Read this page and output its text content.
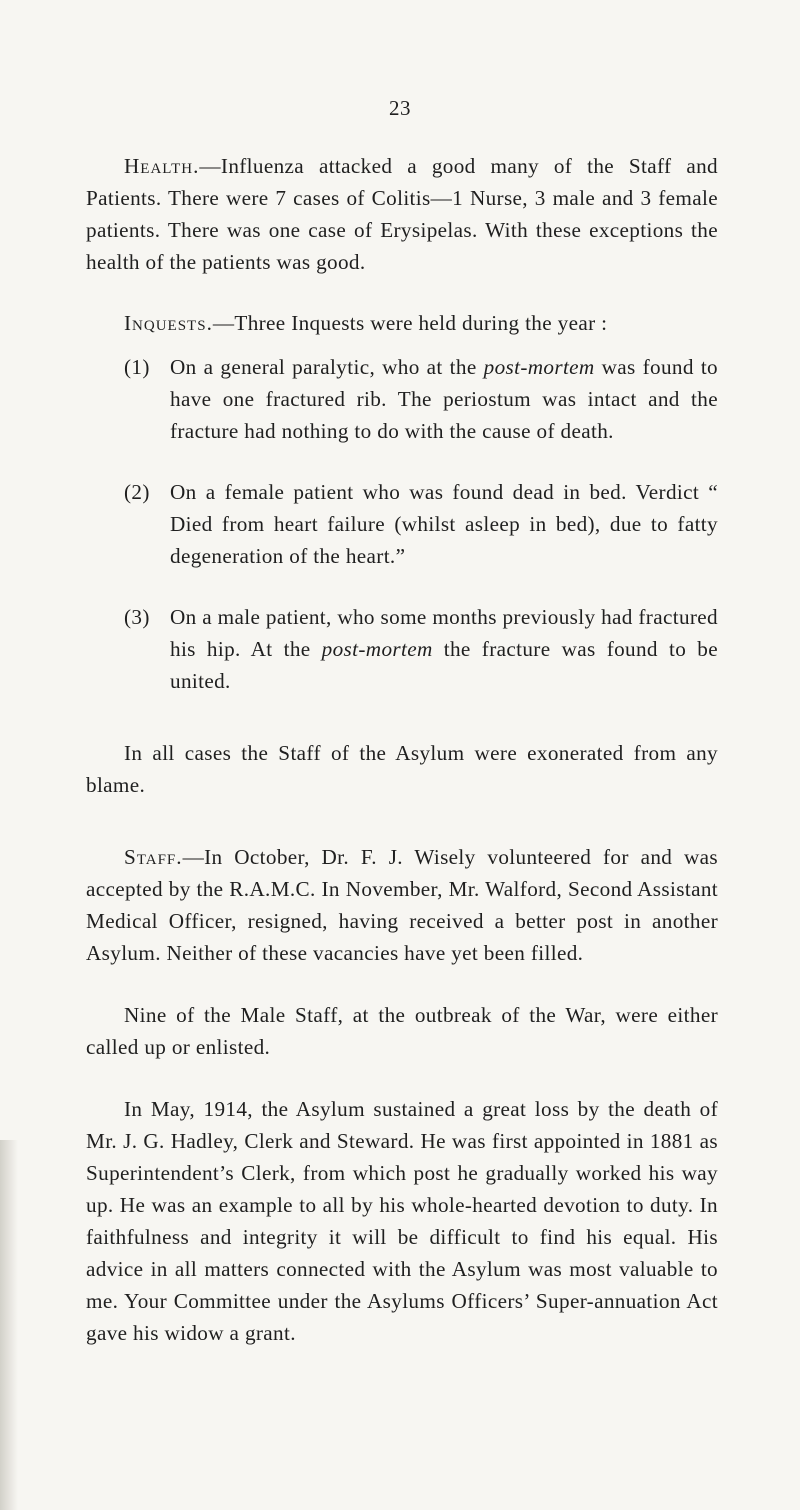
23

Health.—Influenza attacked a good many of the Staff and Patients. There were 7 cases of Colitis—1 Nurse, 3 male and 3 female patients. There was one case of Erysipelas. With these exceptions the health of the patients was good.

Inquests.—Three Inquests were held during the year :

(1) On a general paralytic, who at the post-mortem was found to have one fractured rib. The periostum was intact and the fracture had nothing to do with the cause of death.
(2) On a female patient who was found dead in bed. Verdict “ Died from heart failure (whilst asleep in bed), due to fatty degeneration of the heart.”
(3) On a male patient, who some months previously had fractured his hip. At the post-mortem the fracture was found to be united.

In all cases the Staff of the Asylum were exonerated from any blame.

Staff.—In October, Dr. F. J. Wisely volunteered for and was accepted by the R.A.M.C. In November, Mr. Walford, Second Assistant Medical Officer, resigned, having received a better post in another Asylum. Neither of these vacancies have yet been filled.

Nine of the Male Staff, at the outbreak of the War, were either called up or enlisted.

In May, 1914, the Asylum sustained a great loss by the death of Mr. J. G. Hadley, Clerk and Steward. He was first appointed in 1881 as Superintendent’s Clerk, from which post he gradually worked his way up. He was an example to all by his whole-hearted devotion to duty. In faithfulness and integrity it will be difficult to find his equal. His advice in all matters connected with the Asylum was most valuable to me. Your Committee under the Asylums Officers’ Super-annuation Act gave his widow a grant.
